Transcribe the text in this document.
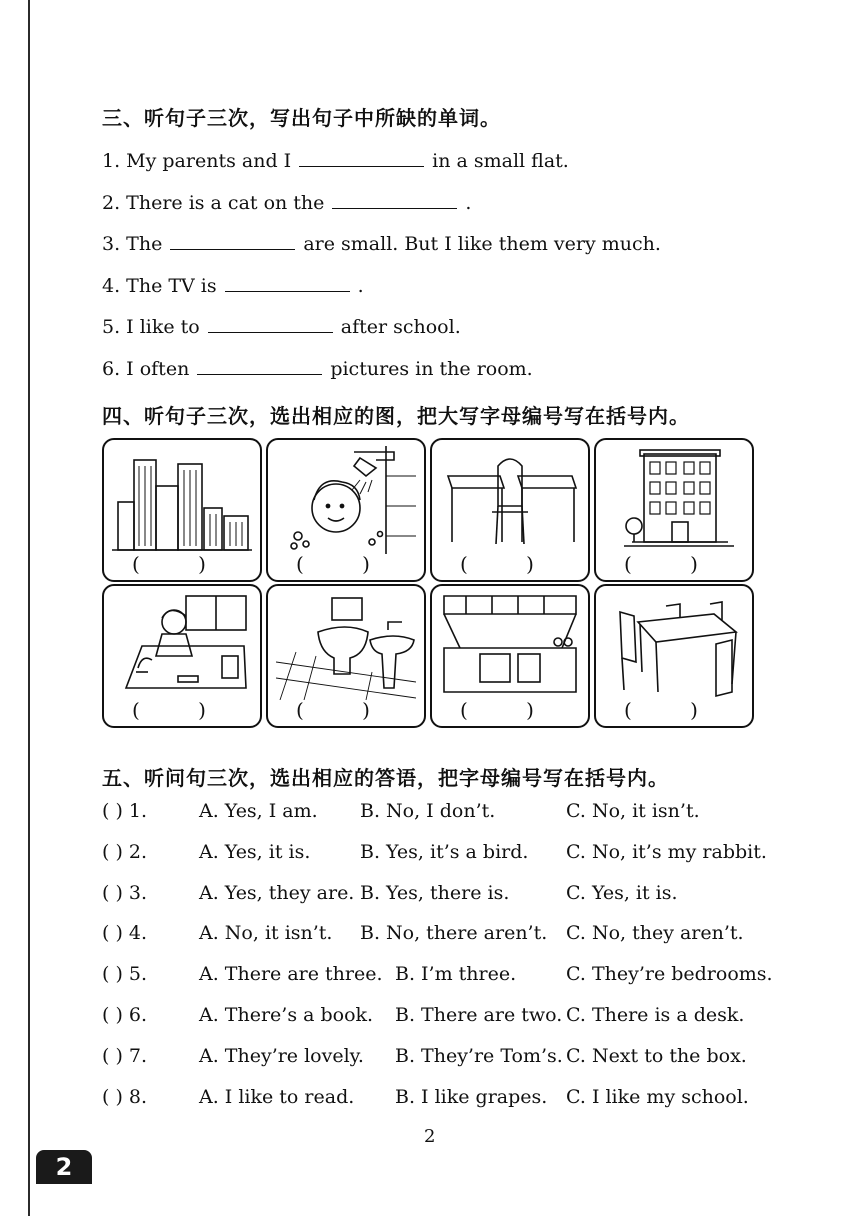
三、听句子三次，写出句子中所缺的单词。
1. My parents and I	in a small flat.
2. There is a cat on the	.
3. The	are small. But I like them very much.
4. The TV is	.
5. I like to	after school.
6. I often	pictures in the room.
四、听句子三次，选出相应的图，把大写字母编号写在括号内。
( )	( )	( )	( )
( )	( )	( )	( )
五、听问句三次，选出相应的答语，把字母编号写在括号内。
( ) 1.	A. Yes, I am. B. No, I don’t.	C. No, it isn’t.
( ) 2.	A. Yes, it is.	B. Yes, it’s a bird. C. No, it’s my rabbit.
( ) 3.	A. Yes, they are. B. Yes, there is.	C. Yes, it is.
( ) 4.	A. No, it isn’t. B. No, there aren’t. C. No, they aren’t.
( ) 5.	A. There are three. B. I’m three.	C. They’re bedrooms.
( ) 6.	A. There’s a book. B. There are two. C. There is a desk.
( ) 7.	A. They’re lovely. B. They’re Tom’s. C. Next to the box.
( ) 8.	A. I like to read. B. I like grapes. C. I like my school.
2
2
